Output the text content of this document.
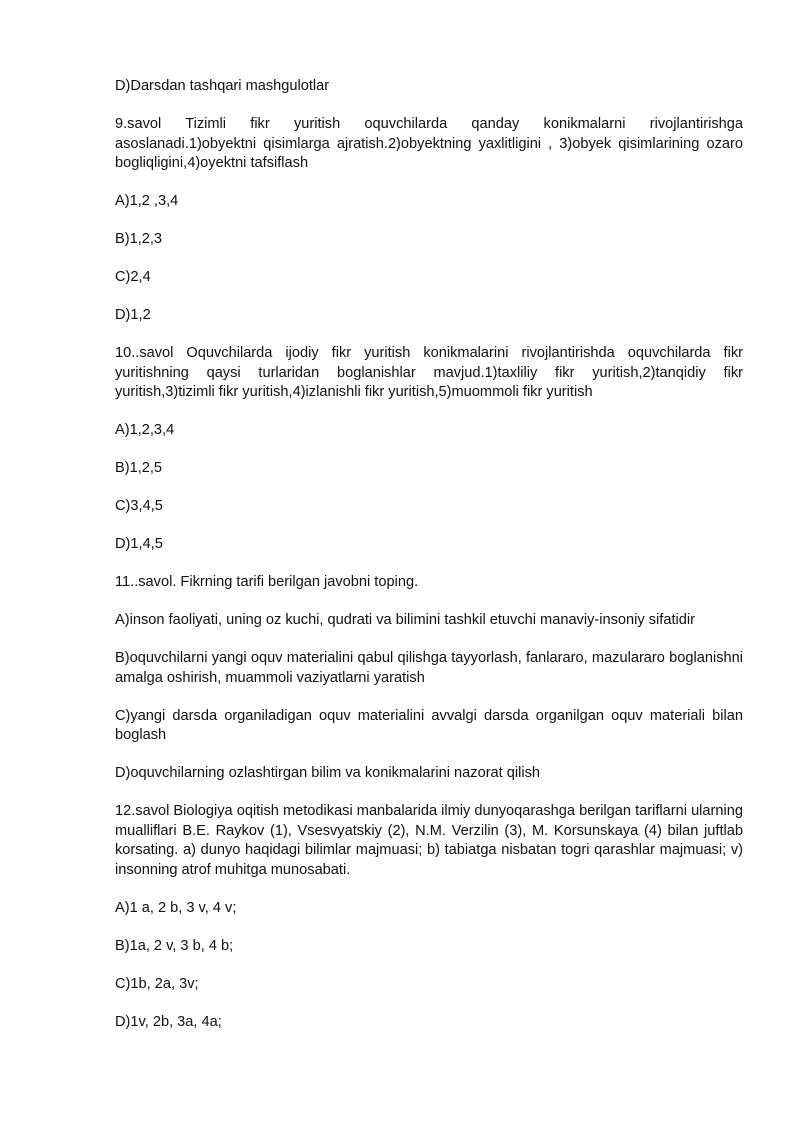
D)Darsdan tashqari mashgulotlar

9.savol Tizimli fikr yuritish oquvchilarda qanday konikmalarni rivojlantirishga asoslanadi.1)obyektni qisimlarga ajratish.2)obyektning yaxlitligini , 3)obyek qisimlarining ozaro bogliqligini,4)oyektni tafsiflash

A)1,2 ,3,4

B)1,2,3

C)2,4

D)1,2

10..savol Oquvchilarda ijodiy fikr yuritish konikmalarini rivojlantirishda oquvchilarda fikr yuritishning qaysi turlaridan boglanishlar mavjud.1)taxliliy fikr yuritish,2)tanqidiy fikr yuritish,3)tizimli fikr yuritish,4)izlanishli fikr yuritish,5)muommoli fikr yuritish

A)1,2,3,4

B)1,2,5

C)3,4,5

D)1,4,5

11..savol. Fikrning tarifi berilgan javobni toping.

A)inson faoliyati, uning oz kuchi, qudrati va bilimini tashkil etuvchi manaviy-insoniy sifatidir

B)oquvchilarni yangi oquv materialini qabul qilishga tayyorlash, fanlararo, mazulararo boglanishni amalga oshirish, muammoli vaziyatlarni yaratish

C)yangi darsda organiladigan oquv materialini avvalgi darsda organilgan oquv materiali bilan boglash

D)oquvchilarning ozlashtirgan bilim va konikmalarini nazorat qilish

12.savol Biologiya oqitish metodikasi manbalarida ilmiy dunyoqarashga berilgan tariflarni ularning mualliflari B.E. Raykov (1), Vsesvyatskiy (2), N.M. Verzilin (3), M. Korsunskaya (4) bilan juftlab korsating. a) dunyo haqidagi bilimlar majmuasi; b) tabiatga nisbatan togri qarashlar majmuasi; v) insonning atrof muhitga munosabati.

A)1 a, 2 b, 3 v, 4 v;

B)1a, 2 v, 3 b, 4 b;

C)1b, 2a, 3v;

D)1v, 2b, 3a, 4a;
